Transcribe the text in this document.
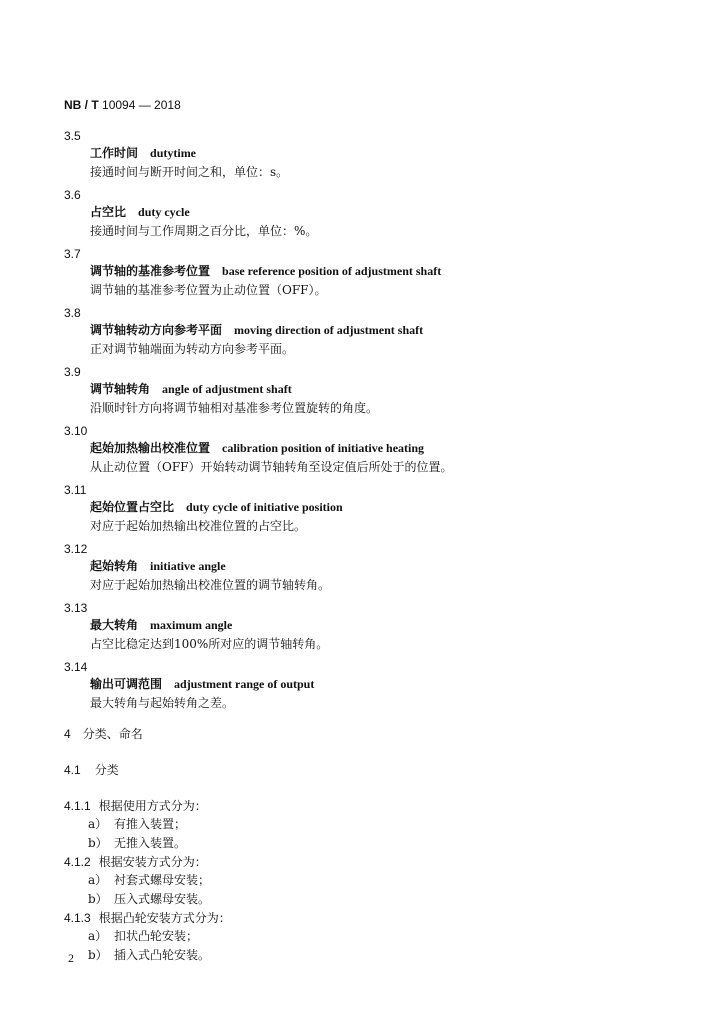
NB / T 10094 — 2018
3.5
工作时间 dutytime
接通时间与断开时间之和，单位：s。
3.6
占空比 duty cycle
接通时间与工作周期之百分比，单位：%。
3.7
调节轴的基准参考位置 base reference position of adjustment shaft
调节轴的基准参考位置为止动位置（OFF）。
3.8
调节轴转动方向参考平面 moving direction of adjustment shaft
正对调节轴端面为转动方向参考平面。
3.9
调节轴转角 angle of adjustment shaft
沿顺时针方向将调节轴相对基准参考位置旋转的角度。
3.10
起始加热输出校准位置 calibration position of initiative heating
从止动位置（OFF）开始转动调节轴转角至设定值后所处于的位置。
3.11
起始位置占空比 duty cycle of initiative position
对应于起始加热输出校准位置的占空比。
3.12
起始转角 initiative angle
对应于起始加热输出校准位置的调节轴转角。
3.13
最大转角 maximum angle
占空比稳定达到100%所对应的调节轴转角。
3.14
输出可调范围 adjustment range of output
最大转角与起始转角之差。
4 分类、命名
4.1 分类
4.1.1 根据使用方式分为：
a） 有推入装置；
b） 无推入装置。
4.1.2 根据安装方式分为：
a） 衬套式螺母安装；
b） 压入式螺母安装。
4.1.3 根据凸轮安装方式分为：
a） 扣状凸轮安装；
b） 插入式凸轮安装。
2
